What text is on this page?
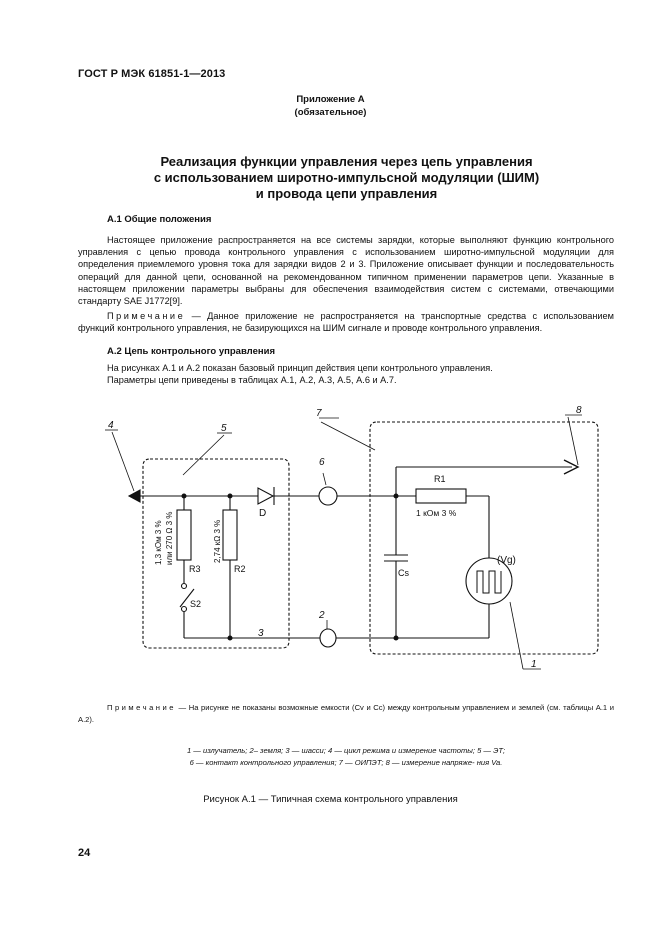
ГОСТ Р МЭК 61851-1—2013
Приложение А
(обязательное)
Реализация функции управления через цепь управления
с использованием широтно-импульсной модуляции (ШИМ)
и провода цепи управления
А.1 Общие положения

Настоящее приложение распространяется на все системы зарядки, которые выполняют функцию контрольного управления с цепью провода контрольного управления с использованием широтно-импульсной модуляции для определения приемлемого уровня тока для зарядки видов 2 и 3. Приложение описывает функции и последовательность операций для данной цепи, основанной на рекомендованном типичном применении параметров цепи. Указанные в настоящем приложении параметры выбраны для обеспечения взаимодействия систем с системами, отвечающими стандарту SAE J1772[9].

Примечание — Данное приложение не распространяется на транспортные средства с использованием функций контрольного управления, не базирующихся на ШИМ сигнале и проводе контрольного управления.

А.2 Цепь контрольного управления

На рисунках А.1 и А.2 показан базовый принцип действия цепи контрольного управления.

Параметры цепи приведены в таблицах А.1, А.2, А.3, А.5, А.6 и А.7.

4	5
6
7	8
2
3
1
R1
1 кОм 3 %
(Vg)
Cs
D
R2
R3
S2
2,74 кΩ 3 %
1,3 кОм 3 % или 270 Ω 3 %

Примечание — На рисунке не показаны возможные емкости (Cv и Cc) между контрольным управлением и землей (см. таблицы А.1 и А.2).

1 — излучатель; 2– земля; 3 — шасси; 4 — цикл режима и измерение частоты; 5 — ЭТ;
6 — контакт контрольного управления; 7 — ОИПЭТ; 8 — измерение напряже- ния Va.
Рисунок А.1 — Типичная схема контрольного управления
24
